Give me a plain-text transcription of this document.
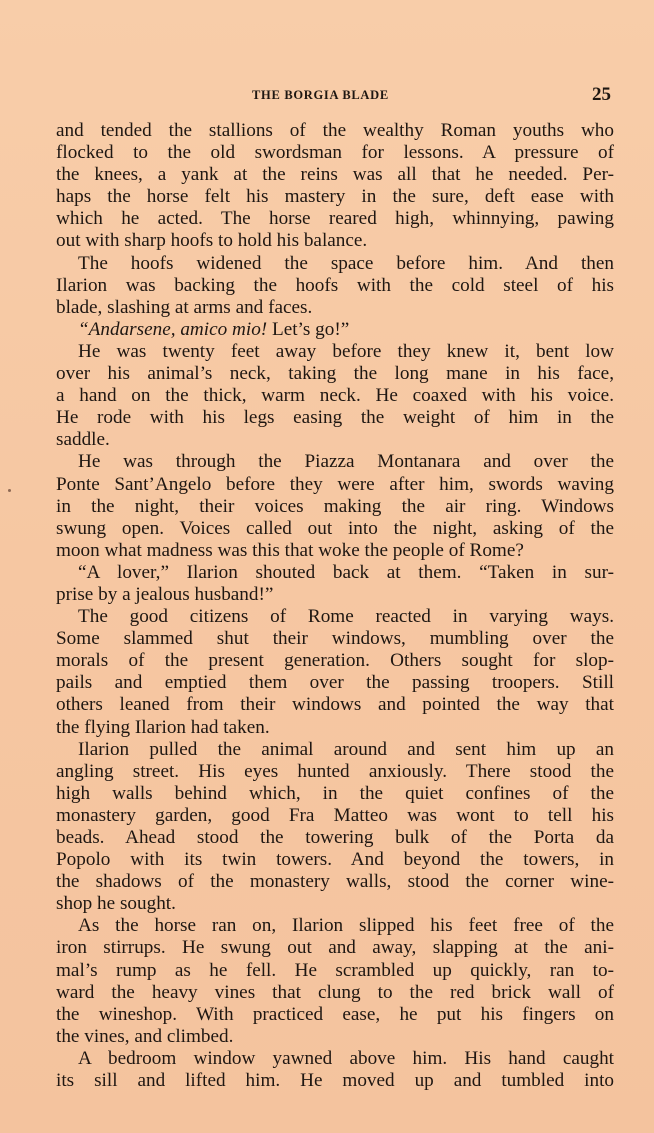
THE BORGIA BLADE	25
and tended the stallions of the wealthy Roman youths who
flocked to the old swordsman for lessons. A pressure of
the knees, a yank at the reins was all that he needed. Per-
haps the horse felt his mastery in the sure, deft ease with
which he acted. The horse reared high, whinnying, pawing
out with sharp hoofs to hold his balance.
The hoofs widened the space before him. And then
Ilarion was backing the hoofs with the cold steel of his
blade, slashing at arms and faces.
“Andarsene, amico mio! Let’s go!”
He was twenty feet away before they knew it, bent low
over his animal’s neck, taking the long mane in his face,
a hand on the thick, warm neck. He coaxed with his voice.
He rode with his legs easing the weight of him in the
saddle.
He was through the Piazza Montanara and over the
Ponte Sant’Angelo before they were after him, swords waving
in the night, their voices making the air ring. Windows
swung open. Voices called out into the night, asking of the
moon what madness was this that woke the people of Rome?
“A lover,” Ilarion shouted back at them. “Taken in sur-
prise by a jealous husband!”
The good citizens of Rome reacted in varying ways.
Some slammed shut their windows, mumbling over the
morals of the present generation. Others sought for slop-
pails and emptied them over the passing troopers. Still
others leaned from their windows and pointed the way that
the flying Ilarion had taken.
Ilarion pulled the animal around and sent him up an
angling street. His eyes hunted anxiously. There stood the
high walls behind which, in the quiet confines of the
monastery garden, good Fra Matteo was wont to tell his
beads. Ahead stood the towering bulk of the Porta da
Popolo with its twin towers. And beyond the towers, in
the shadows of the monastery walls, stood the corner wine-
shop he sought.
As the horse ran on, Ilarion slipped his feet free of the
iron stirrups. He swung out and away, slapping at the ani-
mal’s rump as he fell. He scrambled up quickly, ran to-
ward the heavy vines that clung to the red brick wall of
the wineshop. With practiced ease, he put his fingers on
the vines, and climbed.
A bedroom window yawned above him. His hand caught
its sill and lifted him. He moved up and tumbled into
